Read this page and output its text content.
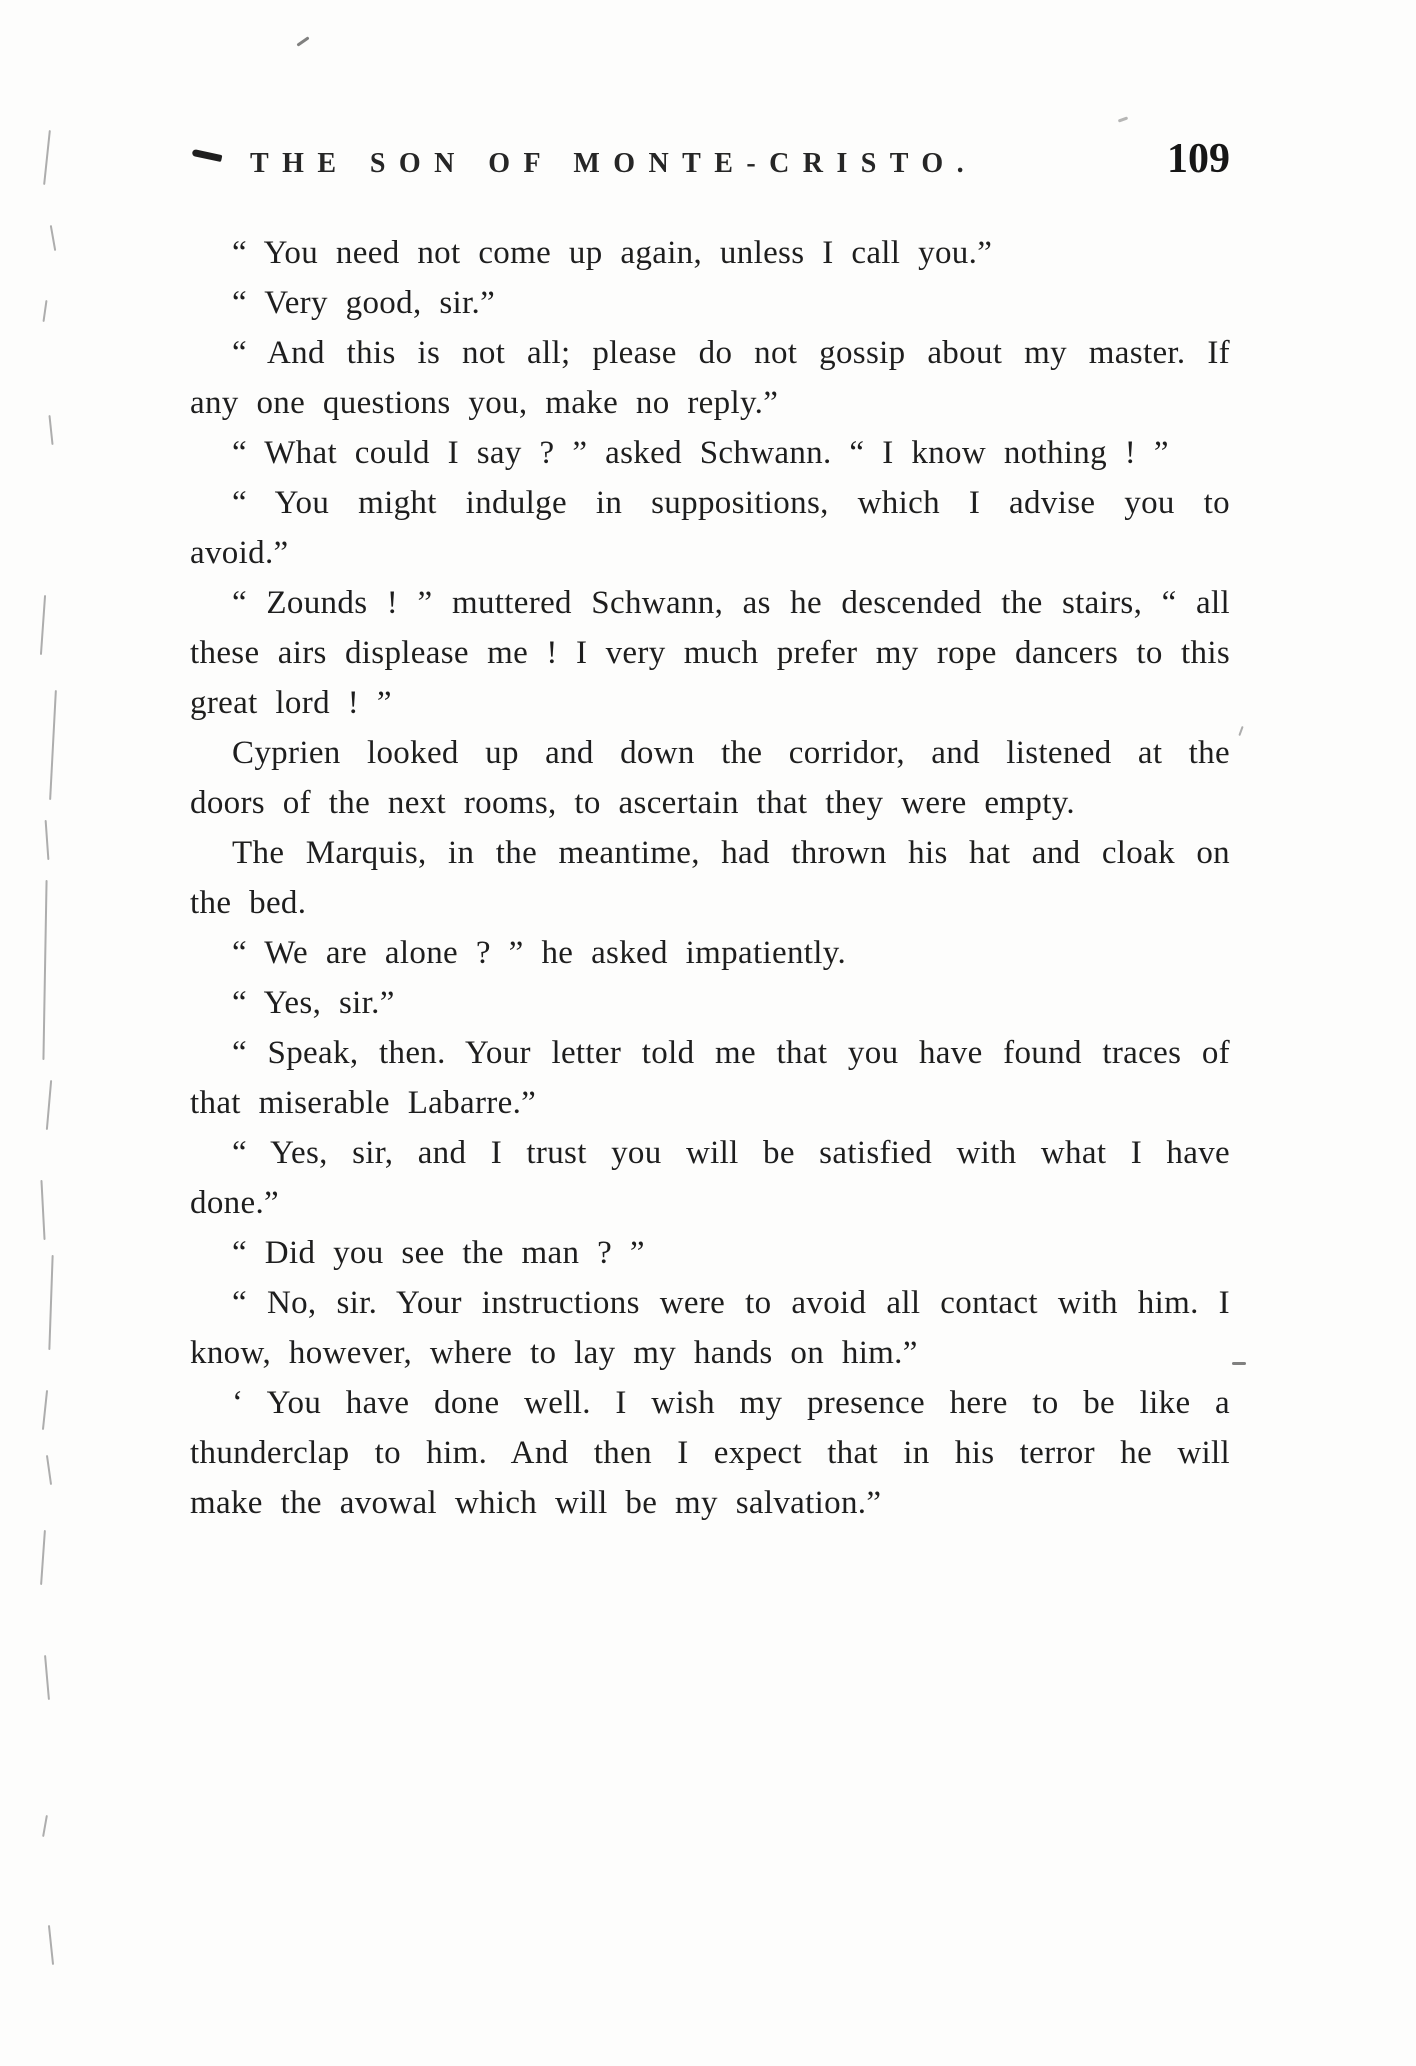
THE SON OF MONTE-CRISTO.	109

“ You need not come up again, unless I call you.”

“ Very good, sir.”

“ And this is not all; please do not gossip about my master. If any one questions you, make no reply.”

“ What could I say ? ” asked Schwann. “ I know nothing ! ”

“ You might indulge in suppositions, which I advise you to avoid.”

“ Zounds ! ” muttered Schwann, as he descended the stairs, “ all these airs displease me ! I very much prefer my rope dancers to this great lord ! ”

Cyprien looked up and down the corridor, and listened at the doors of the next rooms, to ascertain that they were empty.

The Marquis, in the meantime, had thrown his hat and cloak on the bed.

“ We are alone ? ” he asked impatiently.

“ Yes, sir.”

“ Speak, then. Your letter told me that you have found traces of that miserable Labarre.”

“ Yes, sir, and I trust you will be satisfied with what I have done.”

“ Did you see the man ? ”

“ No, sir. Your instructions were to avoid all contact with him. I know, however, where to lay my hands on him.”

‘ You have done well. I wish my presence here to be like a thunderclap to him. And then I expect that in his terror he will make the avowal which will be my salvation.”
